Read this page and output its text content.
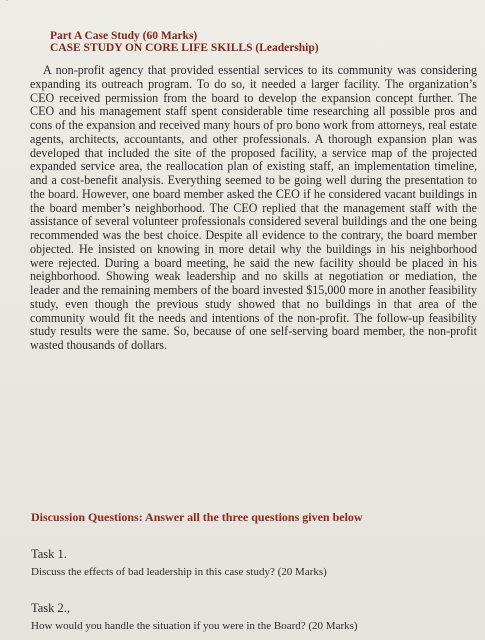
Part A Case Study (60 Marks)
CASE STUDY ON CORE LIFE SKILLS (Leadership)

A non-profit agency that provided essential services to its community was considering expanding its outreach program. To do so, it needed a larger facility. The organization’s CEO received permission from the board to develop the expansion concept further. The CEO and his management staff spent considerable time researching all possible pros and cons of the expansion and received many hours of pro bono work from attorneys, real estate agents, architects, accountants, and other professionals. A thorough expansion plan was developed that included the site of the proposed facility, a service map of the projected expanded service area, the reallocation plan of existing staff, an implementation timeline, and a cost-benefit analysis. Everything seemed to be going well during the presentation to the board. However, one board member asked the CEO if he considered vacant buildings in the board member’s neighborhood. The CEO replied that the management staff with the assistance of several volunteer professionals considered several buildings and the one being recommended was the best choice. Despite all evidence to the contrary, the board member objected. He insisted on knowing in more detail why the buildings in his neighborhood were rejected. During a board meeting, he said the new facility should be placed in his neighborhood. Showing weak leadership and no skills at negotiation or mediation, the leader and the remaining members of the board invested $15,000 more in another feasibility study, even though the previous study showed that no buildings in that area of the community would fit the needs and intentions of the non-profit. The follow-up feasibility study results were the same. So, because of one self-serving board member, the non-profit wasted thousands of dollars.

Discussion Questions: Answer all the three questions given below
Task 1.
Discuss the effects of bad leadership in this case study? (20 Marks)
Task 2.,
How would you handle the situation if you were in the Board? (20 Marks)
